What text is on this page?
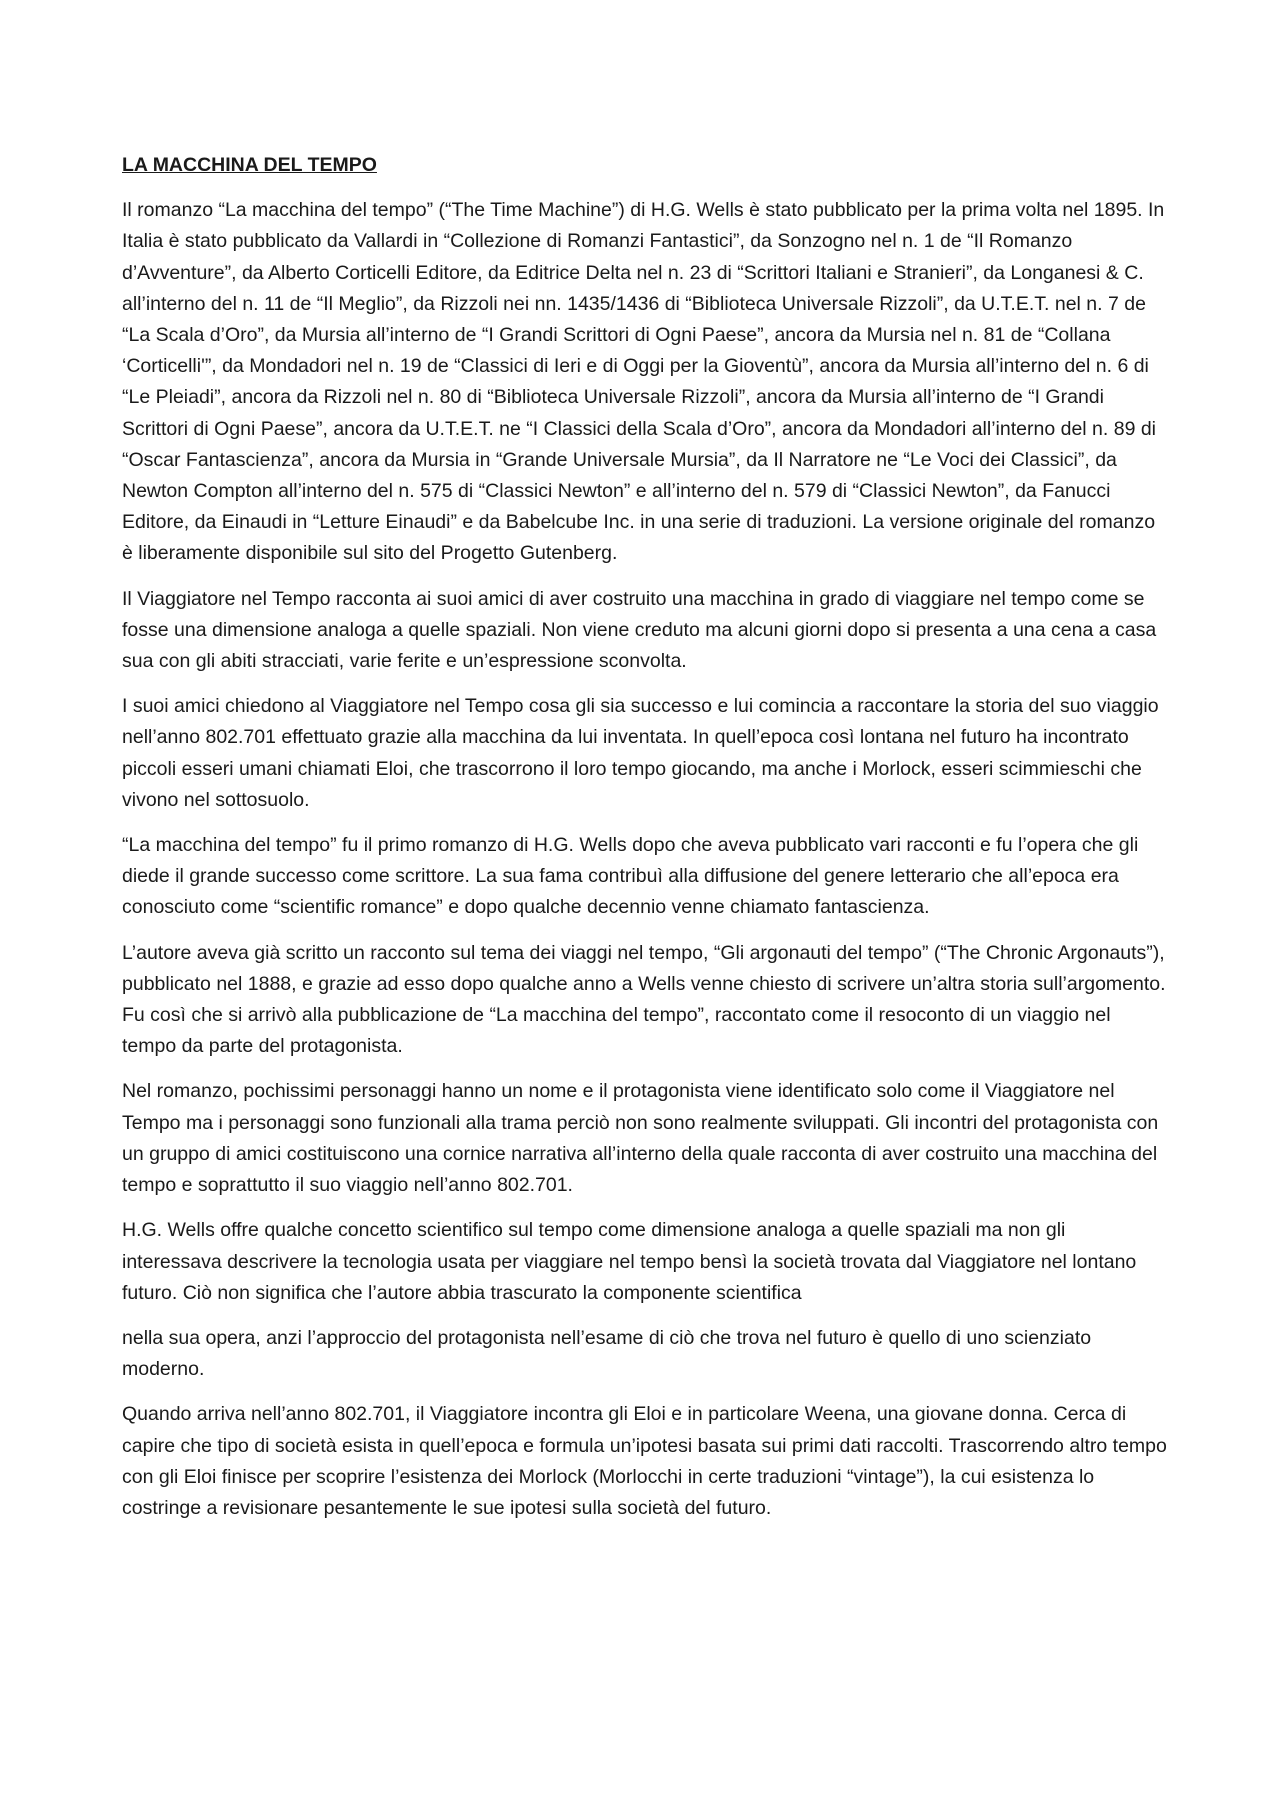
LA MACCHINA DEL TEMPO

Il romanzo “La macchina del tempo” (“The Time Machine”) di H.G. Wells è stato pubblicato per la prima volta nel 1895. In Italia è stato pubblicato da Vallardi in “Collezione di Romanzi Fantastici”, da Sonzogno nel n. 1 de “Il Romanzo d’Avventure”, da Alberto Corticelli Editore, da Editrice Delta nel n. 23 di “Scrittori Italiani e Stranieri”, da Longanesi & C. all’interno del n. 11 de “Il Meglio”, da Rizzoli nei nn. 1435/1436 di “Biblioteca Universale Rizzoli”, da U.T.E.T. nel n. 7 de “La Scala d’Oro”, da Mursia all’interno de “I Grandi Scrittori di Ogni Paese”, ancora da Mursia nel n. 81 de “Collana ‘Corticelli'”, da Mondadori nel n. 19 de “Classici di Ieri e di Oggi per la Gioventù”, ancora da Mursia all’interno del n. 6 di “Le Pleiadi”, ancora da Rizzoli nel n. 80 di “Biblioteca Universale Rizzoli”, ancora da Mursia all’interno de “I Grandi Scrittori di Ogni Paese”, ancora da U.T.E.T. ne “I Classici della Scala d’Oro”, ancora da Mondadori all’interno del n. 89 di “Oscar Fantascienza”, ancora da Mursia in “Grande Universale Mursia”, da Il Narratore ne “Le Voci dei Classici”, da Newton Compton all’interno del n. 575 di “Classici Newton” e all’interno del n. 579 di “Classici Newton”, da Fanucci Editore, da Einaudi in “Letture Einaudi” e da Babelcube Inc. in una serie di traduzioni. La versione originale del romanzo è liberamente disponibile sul sito del Progetto Gutenberg.

Il Viaggiatore nel Tempo racconta ai suoi amici di aver costruito una macchina in grado di viaggiare nel tempo come se fosse una dimensione analoga a quelle spaziali. Non viene creduto ma alcuni giorni dopo si presenta a una cena a casa sua con gli abiti stracciati, varie ferite e un’espressione sconvolta.

I suoi amici chiedono al Viaggiatore nel Tempo cosa gli sia successo e lui comincia a raccontare la storia del suo viaggio nell’anno 802.701 effettuato grazie alla macchina da lui inventata. In quell’epoca così lontana nel futuro ha incontrato piccoli esseri umani chiamati Eloi, che trascorrono il loro tempo giocando, ma anche i Morlock, esseri scimmieschi che vivono nel sottosuolo.

“La macchina del tempo” fu il primo romanzo di H.G. Wells dopo che aveva pubblicato vari racconti e fu l’opera che gli diede il grande successo come scrittore. La sua fama contribuì alla diffusione del genere letterario che all’epoca era conosciuto come “scientific romance” e dopo qualche decennio venne chiamato fantascienza.

L’autore aveva già scritto un racconto sul tema dei viaggi nel tempo, “Gli argonauti del tempo” (“The Chronic Argonauts”), pubblicato nel 1888, e grazie ad esso dopo qualche anno a Wells venne chiesto di scrivere un’altra storia sull’argomento. Fu così che si arrivò alla pubblicazione de “La macchina del tempo”, raccontato come il resoconto di un viaggio nel tempo da parte del protagonista.

Nel romanzo, pochissimi personaggi hanno un nome e il protagonista viene identificato solo come il Viaggiatore nel Tempo ma i personaggi sono funzionali alla trama perciò non sono realmente sviluppati. Gli incontri del protagonista con un gruppo di amici costituiscono una cornice narrativa all’interno della quale racconta di aver costruito una macchina del tempo e soprattutto il suo viaggio nell’anno 802.701.

H.G. Wells offre qualche concetto scientifico sul tempo come dimensione analoga a quelle spaziali ma non gli interessava descrivere la tecnologia usata per viaggiare nel tempo bensì la società trovata dal Viaggiatore nel lontano futuro. Ciò non significa che l’autore abbia trascurato la componente scientifica

nella sua opera, anzi l’approccio del protagonista nell’esame di ciò che trova nel futuro è quello di uno scienziato moderno.

Quando arriva nell’anno 802.701, il Viaggiatore incontra gli Eloi e in particolare Weena, una giovane donna. Cerca di capire che tipo di società esista in quell’epoca e formula un’ipotesi basata sui primi dati raccolti. Trascorrendo altro tempo con gli Eloi finisce per scoprire l’esistenza dei Morlock (Morlocchi in certe traduzioni “vintage”), la cui esistenza lo costringe a revisionare pesantemente le sue ipotesi sulla società del futuro.
